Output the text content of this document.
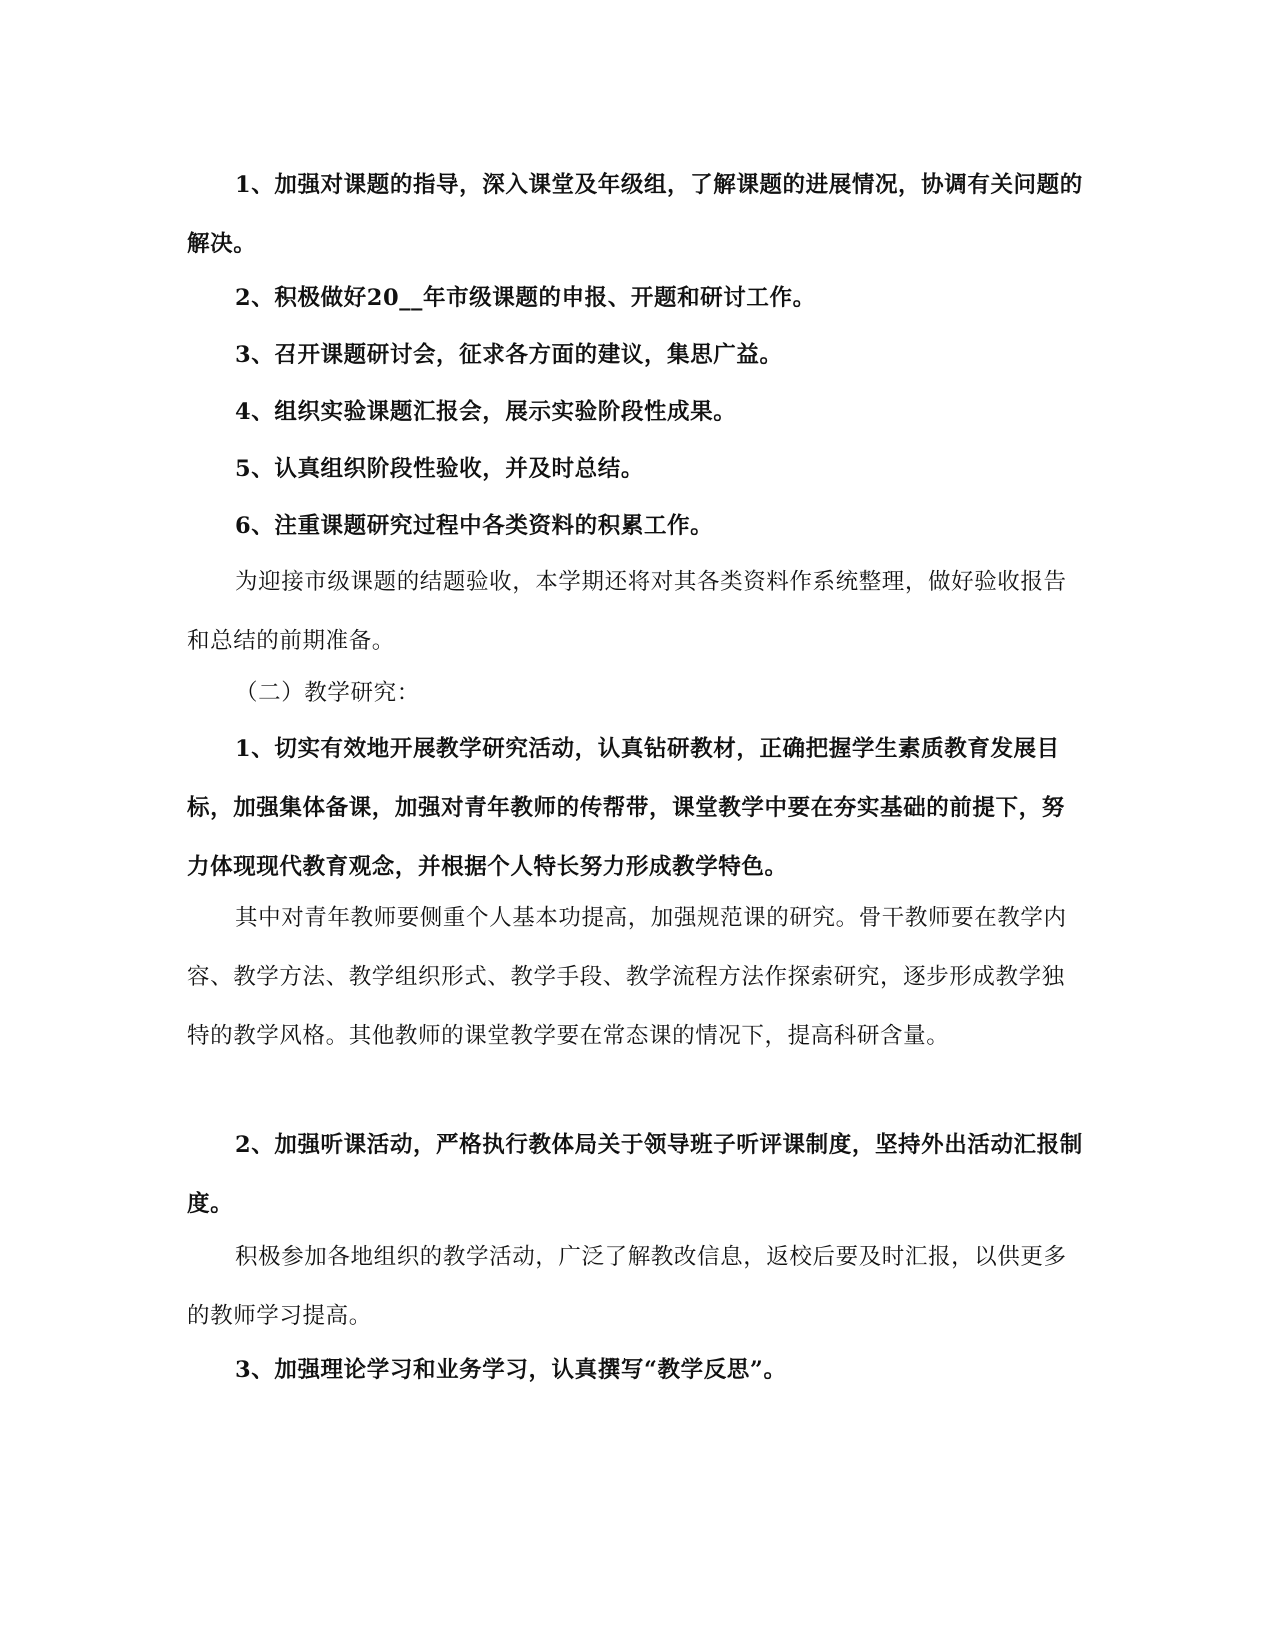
1、加强对课题的指导，深入课堂及年级组，了解课题的进展情况，协调有关问题的解决。

2、积极做好20__年市级课题的申报、开题和研讨工作。

3、召开课题研讨会，征求各方面的建议，集思广益。

4、组织实验课题汇报会，展示实验阶段性成果。

5、认真组织阶段性验收，并及时总结。

6、注重课题研究过程中各类资料的积累工作。

为迎接市级课题的结题验收，本学期还将对其各类资料作系统整理，做好验收报告和总结的前期准备。

（二）教学研究：

1、切实有效地开展教学研究活动，认真钻研教材，正确把握学生素质教育发展目标，加强集体备课，加强对青年教师的传帮带，课堂教学中要在夯实基础的前提下，努力体现现代教育观念，并根据个人特长努力形成教学特色。

其中对青年教师要侧重个人基本功提高，加强规范课的研究。骨干教师要在教学内容、教学方法、教学组织形式、教学手段、教学流程方法作探索研究，逐步形成教学独特的教学风格。其他教师的课堂教学要在常态课的情况下，提高科研含量。

2、加强听课活动，严格执行教体局关于领导班子听评课制度，坚持外出活动汇报制度。

积极参加各地组织的教学活动，广泛了解教改信息，返校后要及时汇报，以供更多的教师学习提高。

3、加强理论学习和业务学习，认真撰写“教学反思”。
